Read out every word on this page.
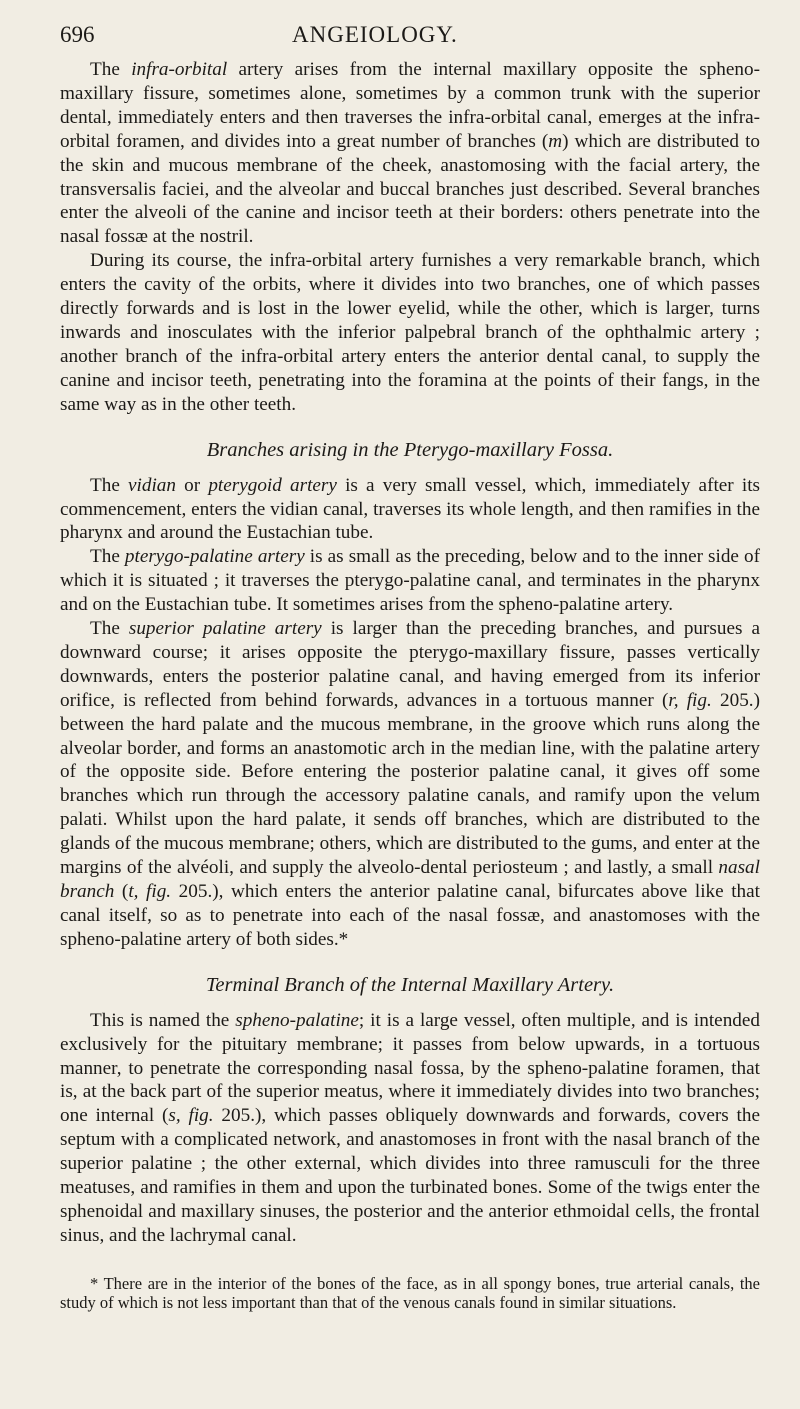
696	ANGEIOLOGY.

The infra-orbital artery arises from the internal maxillary opposite the spheno-maxillary fissure, sometimes alone, sometimes by a common trunk with the superior dental, immediately enters and then traverses the infra-orbital canal, emerges at the infra-orbital foramen, and divides into a great number of branches (m) which are distributed to the skin and mucous membrane of the cheek, anastomosing with the facial artery, the transversalis faciei, and the alveolar and buccal branches just described. Several branches enter the alveoli of the canine and incisor teeth at their borders: others penetrate into the nasal fossæ at the nostril.

During its course, the infra-orbital artery furnishes a very remarkable branch, which enters the cavity of the orbits, where it divides into two branches, one of which passes directly forwards and is lost in the lower eyelid, while the other, which is larger, turns inwards and inosculates with the inferior palpebral branch of the ophthalmic artery ; another branch of the infra-orbital artery enters the anterior dental canal, to supply the canine and incisor teeth, penetrating into the foramina at the points of their fangs, in the same way as in the other teeth.

Branches arising in the Pterygo-maxillary Fossa.

The vidian or pterygoid artery is a very small vessel, which, immediately after its commencement, enters the vidian canal, traverses its whole length, and then ramifies in the pharynx and around the Eustachian tube.

The pterygo-palatine artery is as small as the preceding, below and to the inner side of which it is situated ; it traverses the pterygo-palatine canal, and terminates in the pharynx and on the Eustachian tube. It sometimes arises from the spheno-palatine artery.

The superior palatine artery is larger than the preceding branches, and pursues a downward course; it arises opposite the pterygo-maxillary fissure, passes vertically downwards, enters the posterior palatine canal, and having emerged from its inferior orifice, is reflected from behind forwards, advances in a tortuous manner (r, fig. 205.) between the hard palate and the mucous membrane, in the groove which runs along the alveolar border, and forms an anastomotic arch in the median line, with the palatine artery of the opposite side. Before entering the posterior palatine canal, it gives off some branches which run through the accessory palatine canals, and ramify upon the velum palati. Whilst upon the hard palate, it sends off branches, which are distributed to the glands of the mucous membrane; others, which are distributed to the gums, and enter at the margins of the alvéoli, and supply the alveolo-dental periosteum ; and lastly, a small nasal branch (t, fig. 205.), which enters the anterior palatine canal, bifurcates above like that canal itself, so as to penetrate into each of the nasal fossæ, and anastomoses with the spheno-palatine artery of both sides.*

Terminal Branch of the Internal Maxillary Artery.

This is named the spheno-palatine; it is a large vessel, often multiple, and is intended exclusively for the pituitary membrane; it passes from below upwards, in a tortuous manner, to penetrate the corresponding nasal fossa, by the spheno-palatine foramen, that is, at the back part of the superior meatus, where it immediately divides into two branches; one internal (s, fig. 205.), which passes obliquely downwards and forwards, covers the septum with a complicated network, and anastomoses in front with the nasal branch of the superior palatine ; the other external, which divides into three ramusculi for the three meatuses, and ramifies in them and upon the turbinated bones. Some of the twigs enter the sphenoidal and maxillary sinuses, the posterior and the anterior ethmoidal cells, the frontal sinus, and the lachrymal canal.

* There are in the interior of the bones of the face, as in all spongy bones, true arterial canals, the study of which is not less important than that of the venous canals found in similar situations.
